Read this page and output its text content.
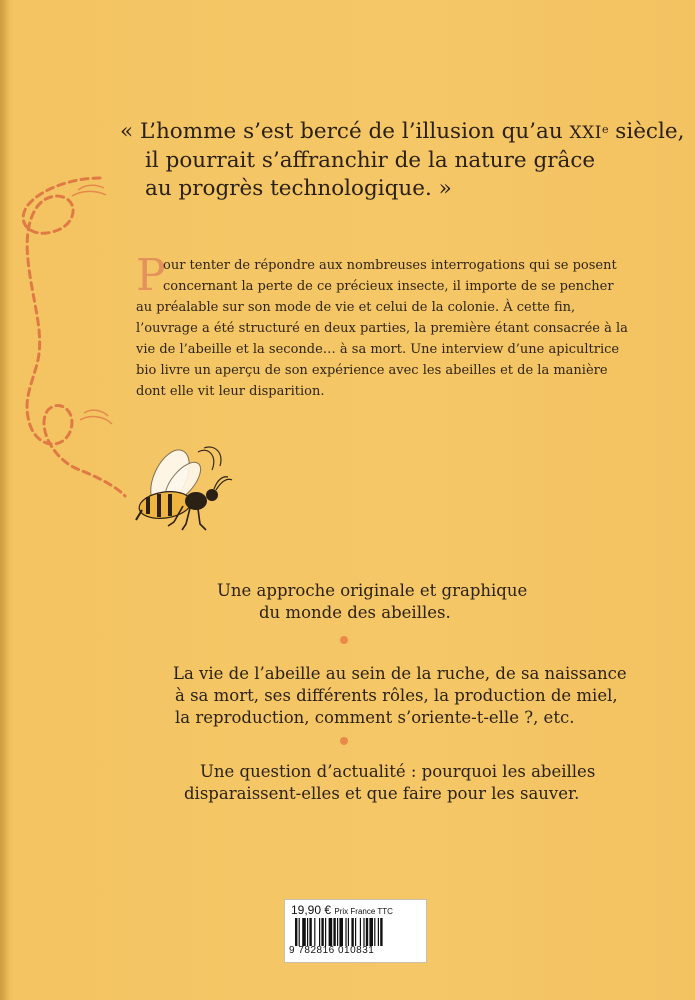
« L’homme s’est bercé de l’illusion qu’au XXIe siècle,
il pourrait s’affranchir de la nature grâce
au progrès technologique. »
P
our tenter de répondre aux nombreuses interrogations qui se posent
concernant la perte de ce précieux insecte, il importe de se pencher
au préalable sur son mode de vie et celui de la colonie. À cette fin,
l’ouvrage a été structuré en deux parties, la première étant consacrée à la
vie de l’abeille et la seconde… à sa mort. Une interview d’une apicultrice
bio livre un aperçu de son expérience avec les abeilles et de la manière
dont elle vit leur disparition.
Une approche originale et graphique
du monde des abeilles.
La vie de l’abeille au sein de la ruche, de sa naissance
à sa mort, ses différents rôles, la production de miel,
la reproduction, comment s’oriente-t-elle ?, etc.
Une question d’actualité : pourquoi les abeilles
disparaissent-elles et que faire pour les sauver.
19,90 € Prix France TTC
9 782816 010831
